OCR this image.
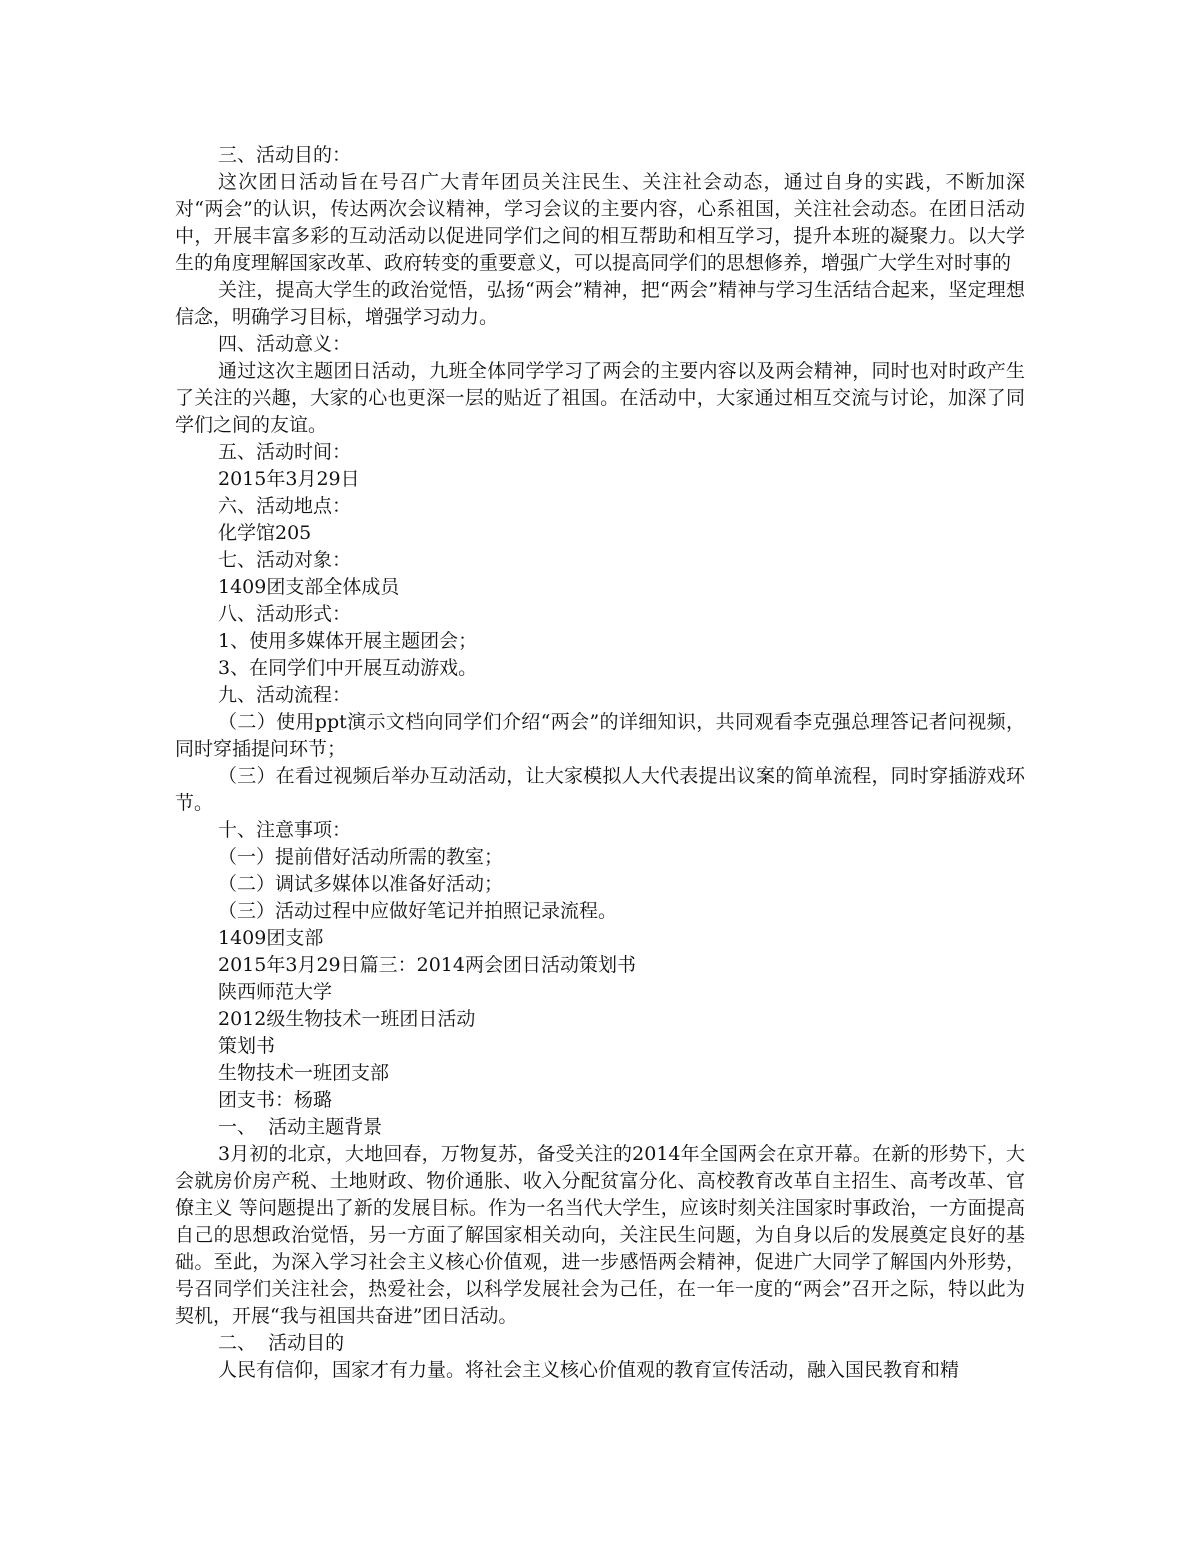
三、活动目的：

这次团日活动旨在号召广大青年团员关注民生、关注社会动态，通过自身的实践，不断加深对“两会”的认识，传达两次会议精神，学习会议的主要内容，心系祖国，关注社会动态。在团日活动中，开展丰富多彩的互动活动以促进同学们之间的相互帮助和相互学习，提升本班的凝聚力。以大学生的角度理解国家改革、政府转变的重要意义，可以提高同学们的思想修养，增强广大学生对时事的

关注，提高大学生的政治觉悟，弘扬“两会”精神，把“两会”精神与学习生活结合起来，坚定理想信念，明确学习目标，增强学习动力。

四、活动意义：

通过这次主题团日活动，九班全体同学学习了两会的主要内容以及两会精神，同时也对时政产生了关注的兴趣，大家的心也更深一层的贴近了祖国。在活动中，大家通过相互交流与讨论，加深了同学们之间的友谊。

五、活动时间：

2015年3月29日

六、活动地点：

化学馆205

七、活动对象：

1409团支部全体成员

八、活动形式：

1、使用多媒体开展主题团会；

3、在同学们中开展互动游戏。

九、活动流程：

（二）使用ppt演示文档向同学们介绍“两会”的详细知识，共同观看李克强总理答记者问视频，同时穿插提问环节；

（三）在看过视频后举办互动活动，让大家模拟人大代表提出议案的简单流程，同时穿插游戏环节。

十、注意事项：

（一）提前借好活动所需的教室；

（二）调试多媒体以准备好活动；

（三）活动过程中应做好笔记并拍照记录流程。

1409团支部

2015年3月29日篇三：2014两会团日活动策划书

陕西师范大学

2012级生物技术一班团日活动

策划书

生物技术一班团支部

团支书：杨璐

一、  活动主题背景

3月初的北京，大地回春，万物复苏，备受关注的2014年全国两会在京开幕。在新的形势下，大会就房价房产税、土地财政、物价通胀、收入分配贫富分化、高校教育改革自主招生、高考改革、官僚主义 等问题提出了新的发展目标。作为一名当代大学生，应该时刻关注国家时事政治，一方面提高自己的思想政治觉悟，另一方面了解国家相关动向，关注民生问题，为自身以后的发展奠定良好的基础。至此，为深入学习社会主义核心价值观，进一步感悟两会精神，促进广大同学了解国内外形势，号召同学们关注社会，热爱社会，以科学发展社会为己任，在一年一度的“两会”召开之际，特以此为契机，开展“我与祖国共奋进”团日活动。

二、  活动目的

人民有信仰，国家才有力量。将社会主义核心价值观的教育宣传活动，融入国民教育和精
